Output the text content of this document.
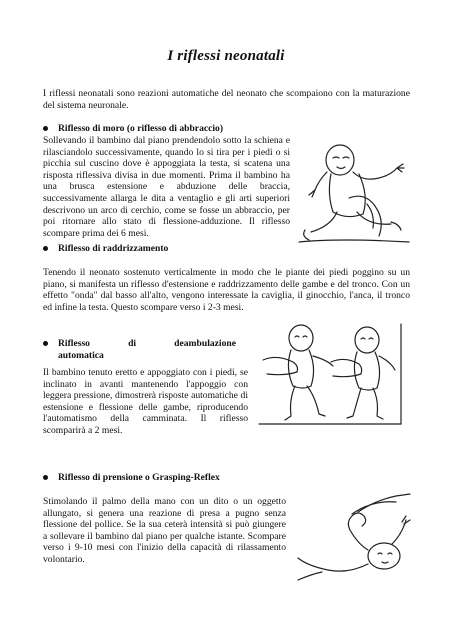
I riflessi neonatali

I riflessi neonatali sono reazioni automatiche del neonato che scompaiono con la maturazione del sistema neuronale.

Riflesso di moro (o riflesso di abbraccio)

Sollevando il bambino dal piano prendendolo sotto la schiena e rilasciandolo successivamente, quando lo si tira per i piedi o si picchia sul cuscino dove è appoggiata la testa, si scatena una risposta riflessiva divisa in due momenti. Prima il bambino ha una brusca estensione e abduzione delle braccia, successivamente allarga le dita a ventaglio e gli arti superiori descrivono un arco di cerchio, come se fosse un abbraccio, per poi ritornare allo stato di flessione-adduzione. Il riflesso scompare prima dei 6 mesi.

Riflesso di raddrizzamento

Tenendo il neonato sostenuto verticalmente in modo che le piante dei piedi poggino su un piano, si manifesta un riflesso d'estensione e raddrizzamento delle gambe e del tronco. Con un effetto "onda" dal basso all'alto, vengono interessate la caviglia, il ginocchio, l'anca, il tronco ed infine la testa. Questo scompare verso i 2-3 mesi.

Riflesso	di	deambulazione
automatica

Il bambino tenuto eretto e appoggiato con i piedi, se inclinato in avanti mantenendo l'appoggio con leggera pressione, dimostrerà risposte automatiche di estensione e flessione delle gambe, riproducendo l'automatismo della camminata. Il riflesso scomparirà a 2 mesi.

Riflesso di prensione o Grasping-Reflex

Stimolando il palmo della mano con un dito o un oggetto allungato, si genera una reazione di presa a pugno senza flessione del pollice. Se la sua ceterà intensità si può giungere a sollevare il bambino dal piano per qualche istante. Scompare verso i 9-10 mesi con l'inizio della capacità di rilassamento volontario.
